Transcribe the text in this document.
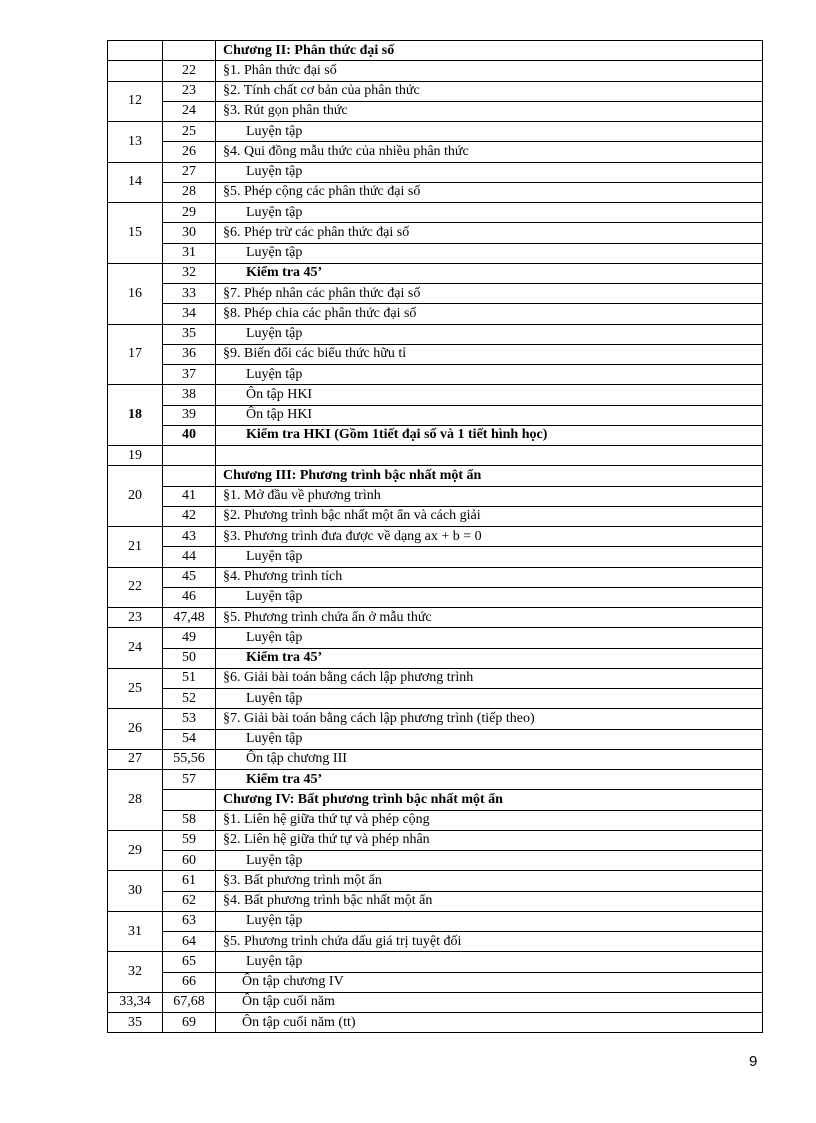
		Chương II: Phân thức đại số
	22	§1. Phân thức đại số
12	23	§2. Tính chất cơ bản của phân thức
	24	§3. Rút gọn phân thức
13	25	Luyện tập
	26	§4. Qui đồng mẫu thức của nhiều phân thức
14	27	Luyện tập
	28	§5. Phép cộng các phân thức đại số
15	29	Luyện tập
	30	§6. Phép trừ các phân thức đại số
	31	Luyện tập
16	32	Kiểm tra 45’
	33	§7. Phép nhân các phân thức đại số
	34	§8. Phép chia các phân thức đại số
17	35	Luyện tập
	36	§9. Biến đổi các biểu thức hữu tỉ
	37	Luyện tập
18	38	Ôn tập HKI
	39	Ôn tập HKI
	40	Kiểm tra HKI (Gồm 1tiết đại số và 1 tiết hình học)
19		
20		Chương III: Phương trình bậc nhất một ẩn
	41	§1. Mở đầu về phương trình
	42	§2. Phương trình bậc nhất một ẩn và cách giải
21	43	§3. Phương trình đưa được về dạng ax + b = 0
	44	Luyện tập
22	45	§4. Phương trình tích
	46	Luyện tập
23	47,48	§5. Phương trình chứa ẩn ở mẫu thức
24	49	Luyện tập
	50	Kiểm tra 45’
25	51	§6. Giải bài toán bằng cách lập phương trình
	52	Luyện tập
26	53	§7. Giải bài toán bằng cách lập phương trình (tiếp theo)
	54	Luyện tập
27	55,56	Ôn tập chương III
28	57	Kiểm tra 45’
		Chương IV: Bất phương trình bậc nhất một ẩn
	58	§1. Liên hệ giữa thứ tự và phép cộng
29	59	§2. Liên hệ giữa thứ tự và phép nhân
	60	Luyện tập
30	61	§3. Bất phương trình một ẩn
	62	§4. Bất phương trình bậc nhất một ẩn
31	63	Luyện tập
	64	§5. Phương trình chứa dấu giá trị tuyệt đối
32	65	Luyện tập
	66	Ôn tập chương IV
33,34	67,68	Ôn tập cuối năm
35	69	Ôn tập cuối năm (tt)
9
